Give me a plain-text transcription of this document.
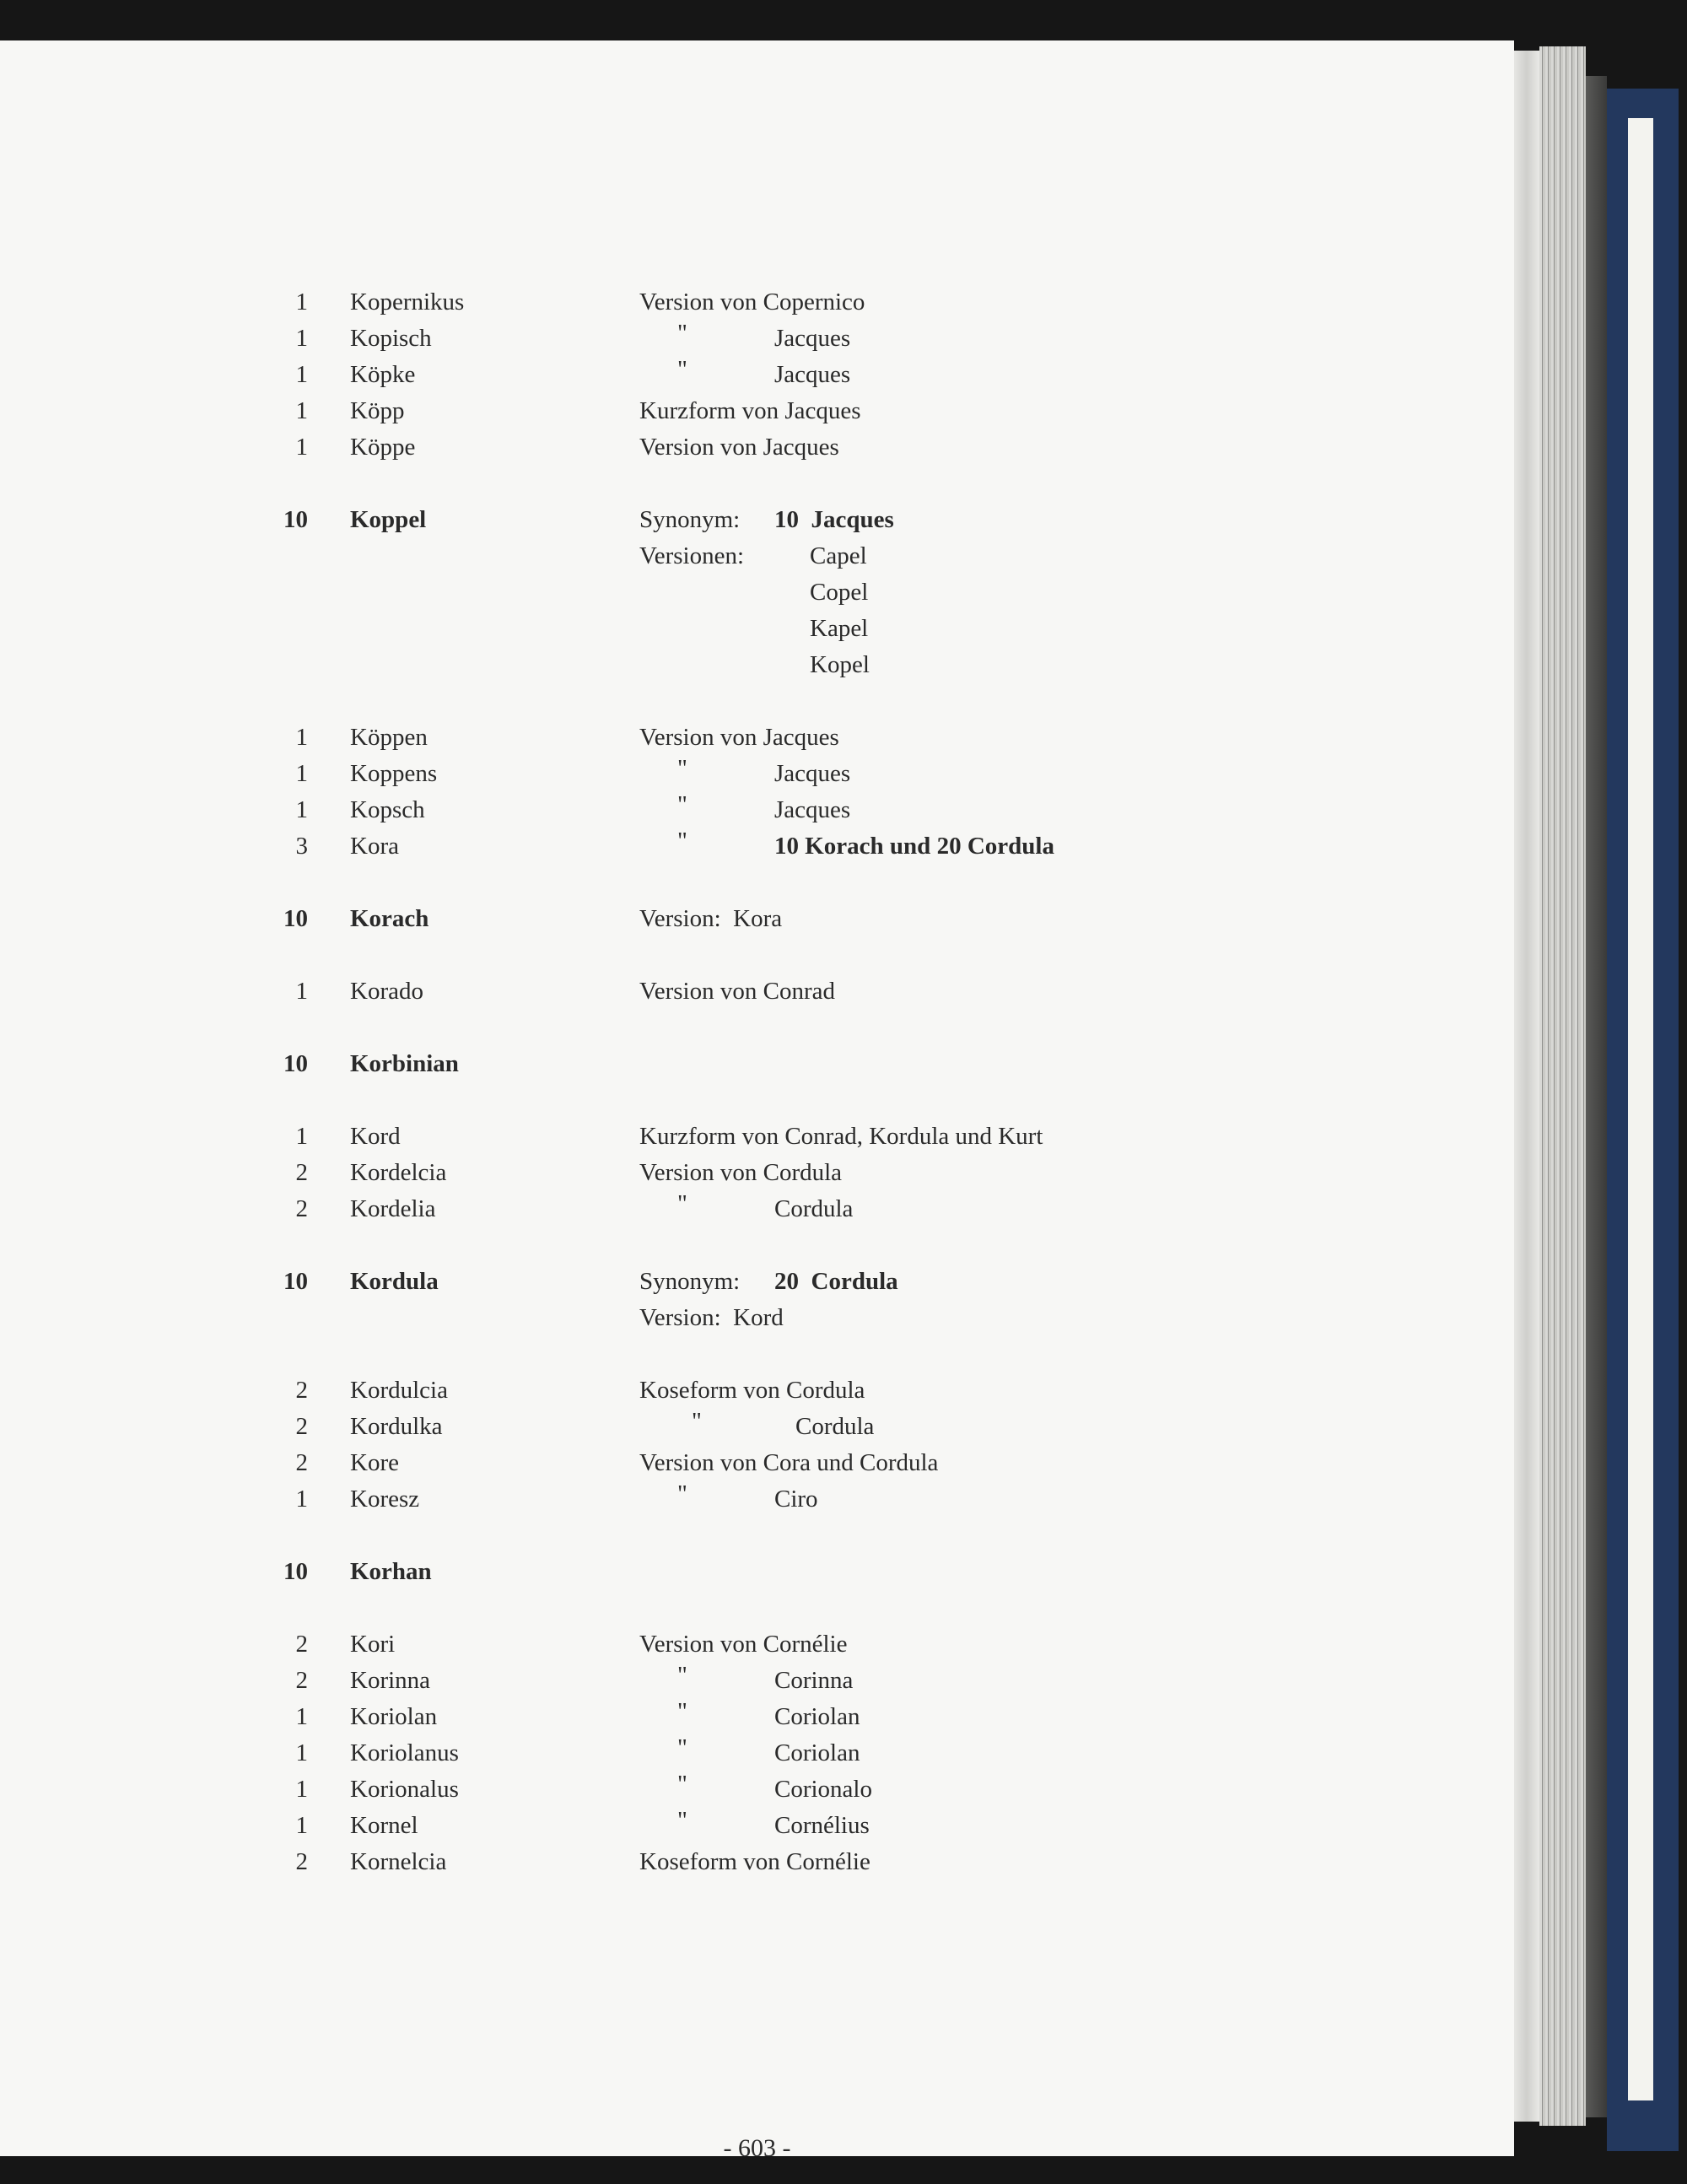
1 Kopernikus	Version von Copernico
1 Kopisch	"	Jacques
1 Köpke	"	Jacques
1 Köpp	Kurzform von Jacques
1 Köppe	Version von Jacques
10 Koppel	Synonym: 10  Jacques
Versionen:	Capel
Copel
Kapel
Kopel
1 Köppen	Version von Jacques
1 Koppens	"	Jacques
1 Kopsch	"	Jacques
3 Kora	"	10 Korach und 20 Cordula
10 Korach	Version:  Kora
1 Korado	Version von Conrad
10 Korbinian
1 Kord	Kurzform von Conrad, Kordula und Kurt
2 Kordelcia	Version von Cordula
2 Kordelia	"	Cordula
10 Kordula	Synonym: 20  Cordula
Version:  Kord
2 Kordulcia	Koseform von Cordula
2 Kordulka	"	Cordula
2 Kore	Version von Cora und Cordula
1 Koresz	"	Ciro
10 Korhan
2 Kori	Version von Cornélie
2 Korinna	"	Corinna
1 Koriolan	"	Coriolan
1 Koriolanus	"	Coriolan
1 Korionalus	"	Corionalo
1 Kornel	"	Cornélius
2 Kornelcia	Koseform von Cornélie
- 603 -
